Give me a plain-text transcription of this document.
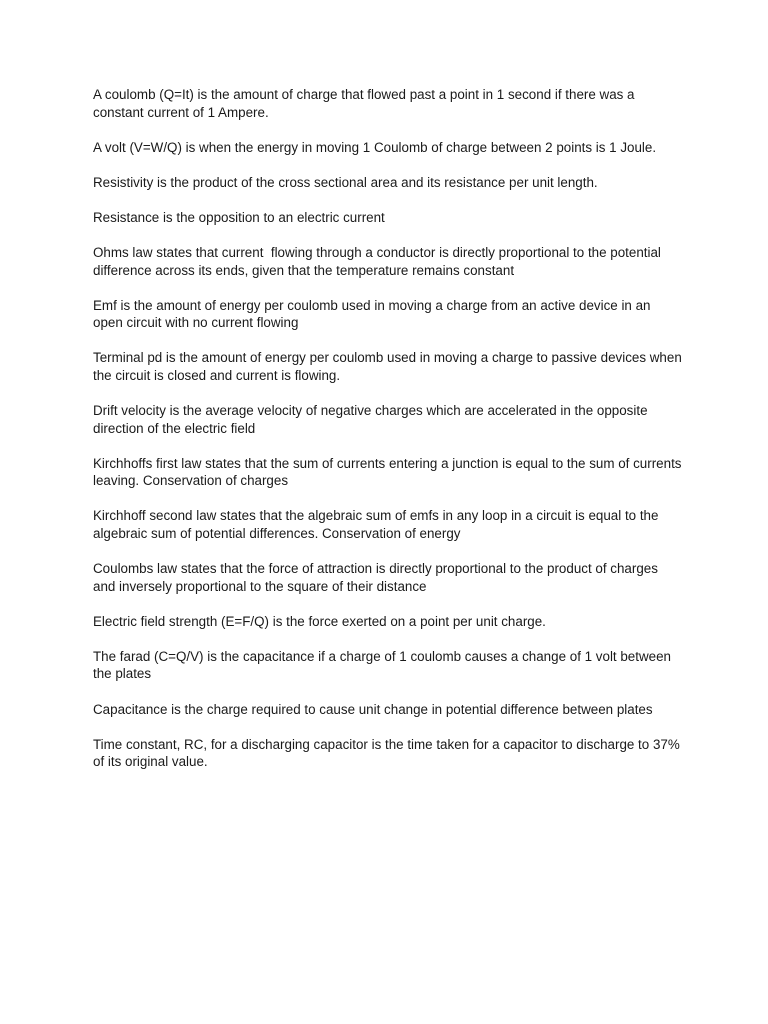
A coulomb (Q=It) is the amount of charge that flowed past a point in 1 second if there was a constant current of 1 Ampere.

A volt (V=W/Q) is when the energy in moving 1 Coulomb of charge between 2 points is 1 Joule.

Resistivity is the product of the cross sectional area and its resistance per unit length.

Resistance is the opposition to an electric current

Ohms law states that current  flowing through a conductor is directly proportional to the potential difference across its ends, given that the temperature remains constant

Emf is the amount of energy per coulomb used in moving a charge from an active device in an open circuit with no current flowing

Terminal pd is the amount of energy per coulomb used in moving a charge to passive devices when the circuit is closed and current is flowing.

Drift velocity is the average velocity of negative charges which are accelerated in the opposite direction of the electric field

Kirchhoffs first law states that the sum of currents entering a junction is equal to the sum of currents leaving. Conservation of charges

Kirchhoff second law states that the algebraic sum of emfs in any loop in a circuit is equal to the algebraic sum of potential differences. Conservation of energy

Coulombs law states that the force of attraction is directly proportional to the product of charges and inversely proportional to the square of their distance

Electric field strength (E=F/Q) is the force exerted on a point per unit charge.

The farad (C=Q/V) is the capacitance if a charge of 1 coulomb causes a change of 1 volt between the plates

Capacitance is the charge required to cause unit change in potential difference between plates

Time constant, RC, for a discharging capacitor is the time taken for a capacitor to discharge to 37% of its original value.
